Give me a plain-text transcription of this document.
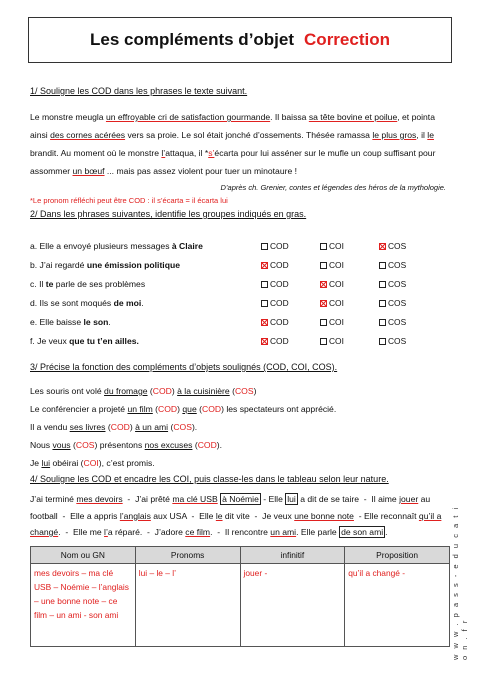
Les compléments d’objet Correction
1/ Souligne les COD dans les phrases le texte suivant.
Le monstre meugla un effroyable cri de satisfaction gourmande. Il baissa sa tête bovine et poilue, et pointa ainsi des cornes acérées vers sa proie. Le sol était jonché d’ossements. Thésée ramassa le plus gros, il le brandit. Au moment où le monstre l’attaqua, il *s’écarta pour lui asséner sur le mufle un coup suffisant pour assommer un bœuf ... mais pas assez violent pour tuer un minotaure !
D’après ch. Grenier, contes et légendes des héros de la mythologie.
*Le pronom réfléchi peut être COD : il s’écarta = il écarta lui
2/ Dans les phrases suivantes, identifie les groupes indiqués en gras.
a. Elle a envoyé plusieurs messages à Claire	COD	COI	COS
b. J’ai regardé une émission politique	COD	COI	COS
c. Il te parle de ses problèmes	COD	COI	COS
d. Ils se sont moqués de moi.	COD	COI	COS
e. Elle baisse le son.	COD	COI	COS
f. Je veux que tu t’en ailles.	COD	COI	COS
3/ Précise la fonction des compléments d’objets soulignés (COD, COI, COS).
Les souris ont volé du fromage (COD) à la cuisinière (COS)
Le conférencier a projeté un film (COD) que (COD) les spectateurs ont apprécié.
Il a vendu ses livres (COD) à un ami (COS).
Nous vous (COS) présentons nos excuses (COD).
Je lui obéirai (COI), c’est promis.
4/ Souligne les COD et encadre les COI, puis classe-les dans le tableau selon leur nature.
J’ai terminé mes devoirs  -  J’ai prêté ma clé USB à Noémie - Elle lui a dit de se taire  -  Il aime jouer au football  -  Elle a appris l’anglais aux USA  -  Elle le dit vite  -  Je veux une bonne note  - Elle reconnaît qu’il a changé.  -  Elle me l’a réparé.  -  J’adore ce film.  -  Il rencontre un ami. Elle parle de son ami .
Nom ou GN	Pronoms	infinitif	Proposition
mes devoirs – ma clé USB – Noémie – l’anglais – une bonne note – ce film – un ami - son ami	lui – le – l’	jouer -	qu’il a changé -	w w w . p a s s - e d u c a t i o n . f r
